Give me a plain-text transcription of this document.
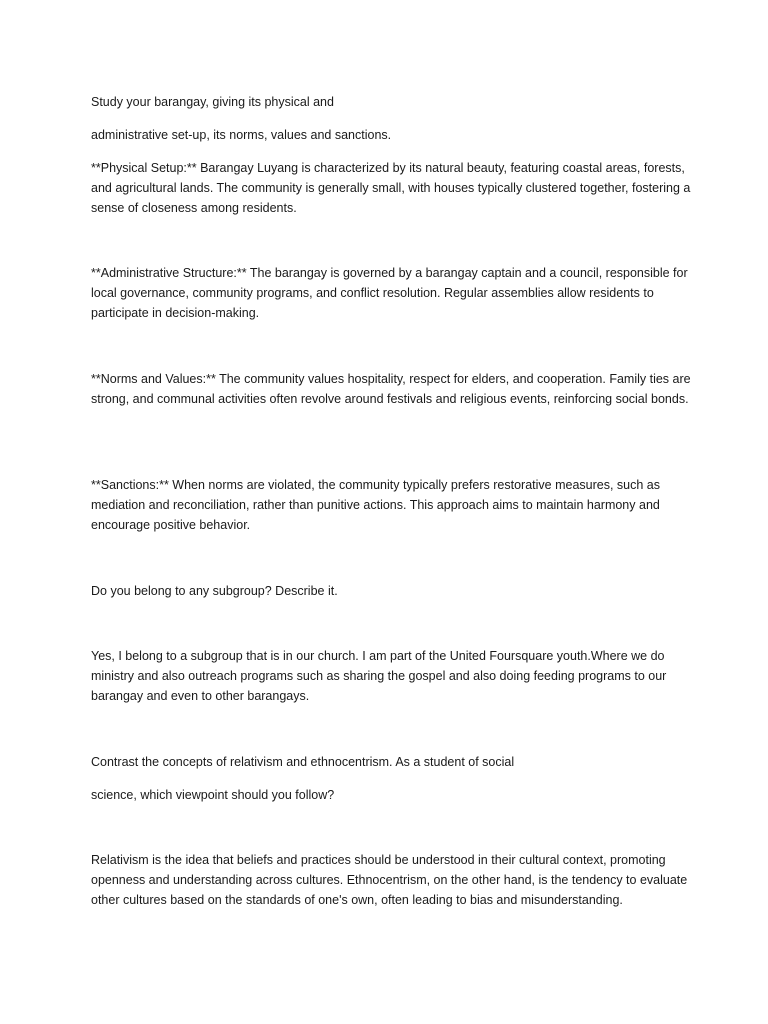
Study your barangay, giving its physical and

administrative set-up, its norms, values and sanctions.

**Physical Setup:** Barangay Luyang is characterized by its natural beauty, featuring coastal areas, forests, and agricultural lands. The community is generally small, with houses typically clustered together, fostering a sense of closeness among residents.

**Administrative Structure:** The barangay is governed by a barangay captain and a council, responsible for local governance, community programs, and conflict resolution. Regular assemblies allow residents to participate in decision-making.

**Norms and Values:** The community values hospitality, respect for elders, and cooperation. Family ties are strong, and communal activities often revolve around festivals and religious events, reinforcing social bonds.

**Sanctions:** When norms are violated, the community typically prefers restorative measures, such as mediation and reconciliation, rather than punitive actions. This approach aims to maintain harmony and encourage positive behavior.

Do you belong to any subgroup? Describe it.

Yes, I belong to a subgroup that is in our church. I am part of the United Foursquare youth.Where we do ministry and also outreach programs such as sharing the gospel and also doing feeding programs to our barangay and even to other barangays.

Contrast the concepts of relativism and ethnocentrism. As a student of social

science, which viewpoint should you follow?

Relativism is the idea that beliefs and practices should be understood in their cultural context, promoting openness and understanding across cultures. Ethnocentrism, on the other hand, is the tendency to evaluate other cultures based on the standards of one's own, often leading to bias and misunderstanding.
